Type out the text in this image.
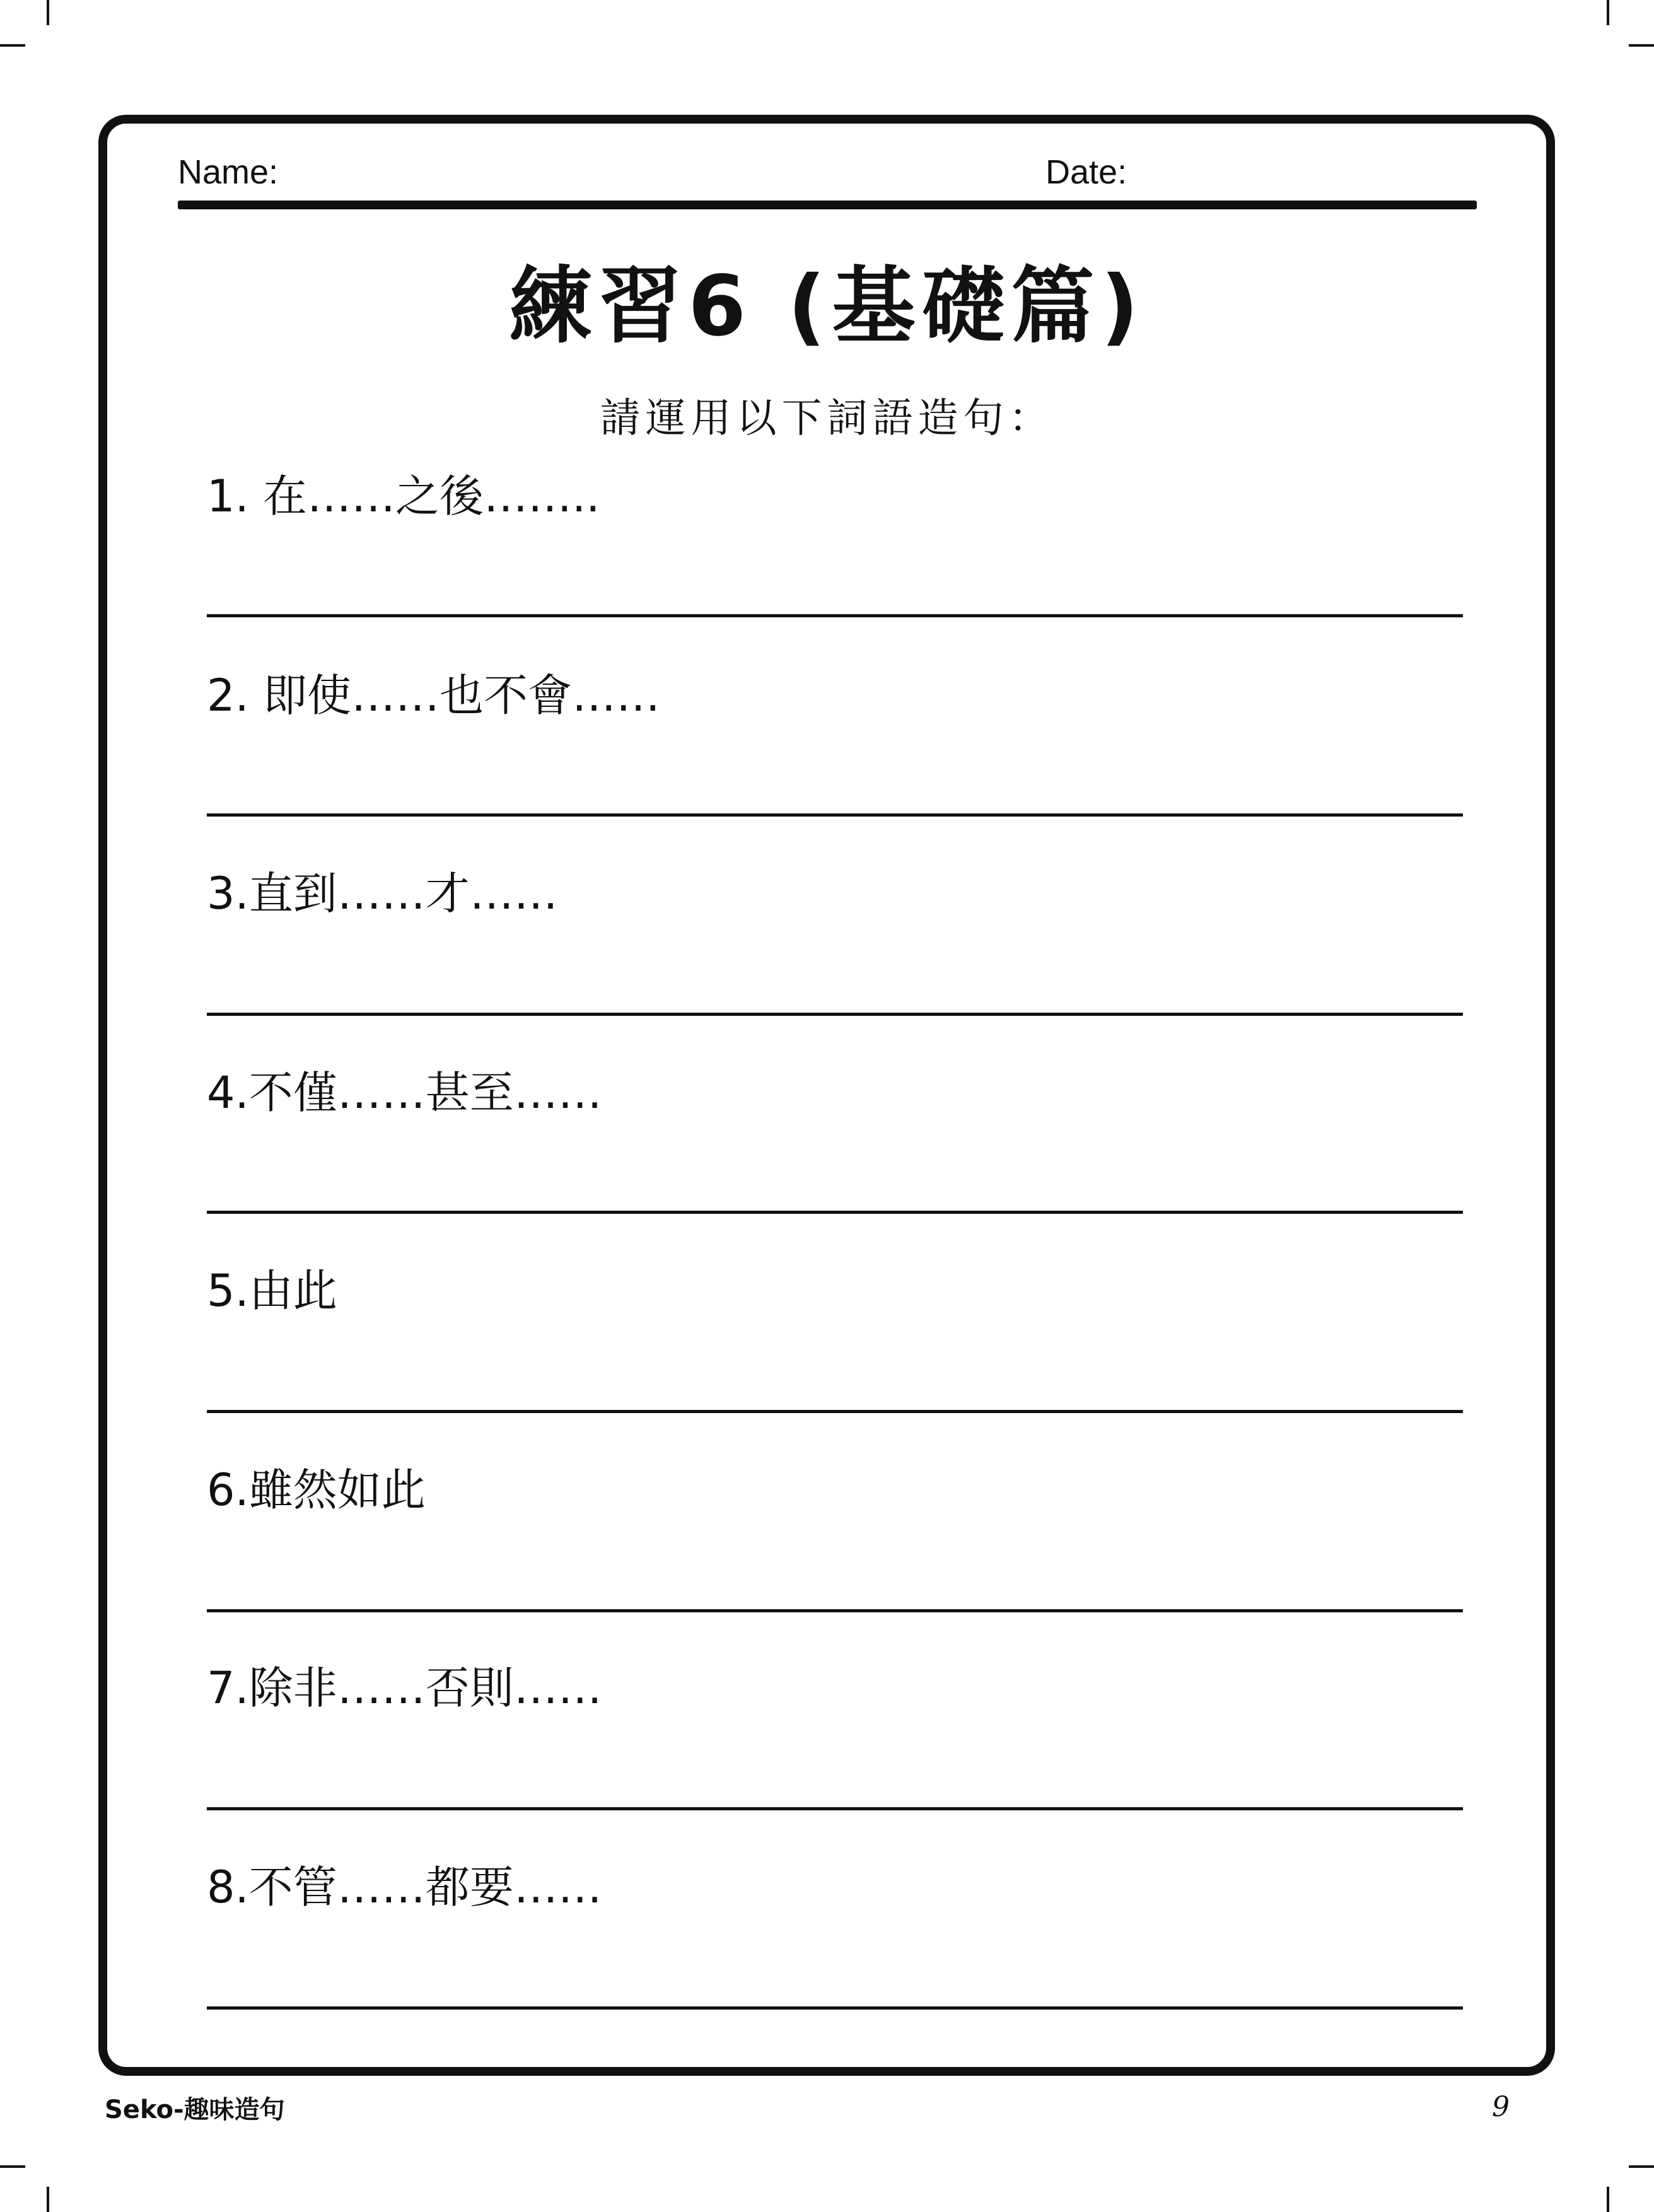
Name:	Date:
練習6 (基礎篇)
請運用以下詞語造句：
1. 在……之後……..
2. 即使……也不會……
3.直到……才……
4.不僅……甚至……
5.由此
6.雖然如此
7.除非……否則……
8.不管……都要……
Seko-趣味造句	9
